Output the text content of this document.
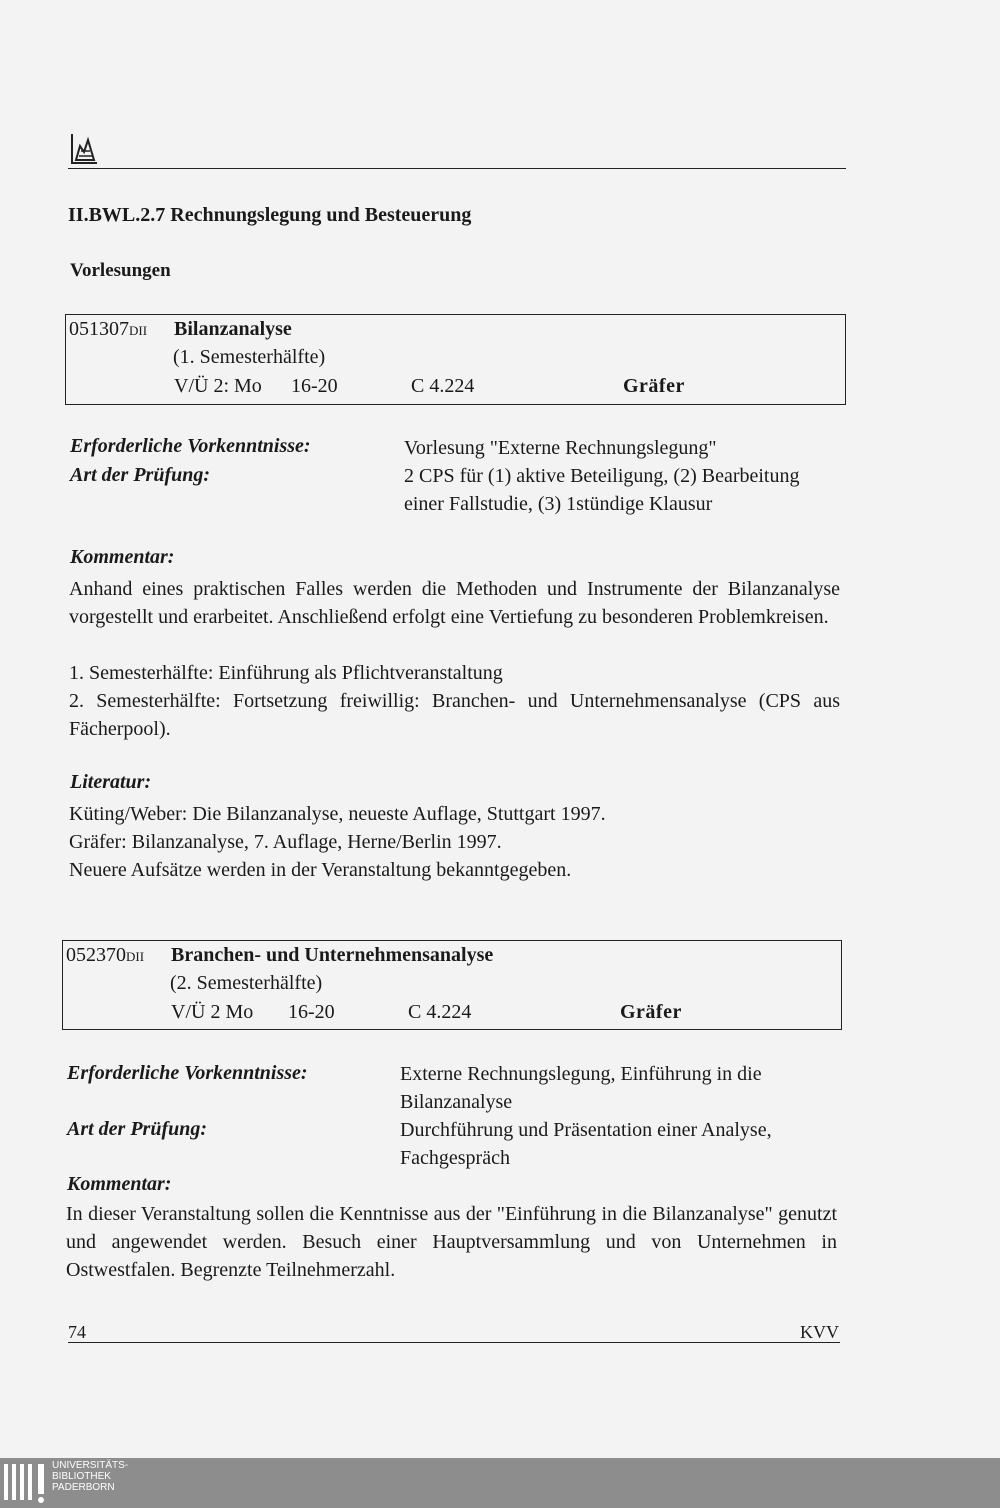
II.BWL.2.7 Rechnungslegung und Besteuerung
Vorlesungen
051307DII Bilanzanalyse
(1. Semesterhälfte)
V/Ü 2: Mo 16-20	C 4.224	Gräfer
Erforderliche Vorkenntnisse:	Vorlesung "Externe Rechnungslegung"
Art der Prüfung:	2 CPS für (1) aktive Beteiligung, (2) Bearbeitung
einer Fallstudie, (3) 1stündige Klausur
Kommentar:
Anhand eines praktischen Falles werden die Methoden und Instrumente der Bilanzanalyse vorgestellt und erarbeitet. Anschließend erfolgt eine Vertiefung zu besonderen Problemkreisen.
1. Semesterhälfte: Einführung als Pflichtveranstaltung
2. Semesterhälfte: Fortsetzung freiwillig: Branchen- und Unternehmensanalyse (CPS aus Fächerpool).
Literatur:
Küting/Weber: Die Bilanzanalyse, neueste Auflage, Stuttgart 1997.
Gräfer: Bilanzanalyse, 7. Auflage, Herne/Berlin 1997.
Neuere Aufsätze werden in der Veranstaltung bekanntgegeben.
052370DII Branchen- und Unternehmensanalyse
(2. Semesterhälfte)
V/Ü 2 Mo 16-20	C 4.224	Gräfer
Erforderliche Vorkenntnisse:	Externe Rechnungslegung, Einführung in die
Bilanzanalyse
Art der Prüfung:	Durchführung und Präsentation einer Analyse,
Fachgespräch
Kommentar:
In dieser Veranstaltung sollen die Kenntnisse aus der "Einführung in die Bilanzanalyse" genutzt und angewendet werden. Besuch einer Hauptversammlung und von Unternehmen in Ostwestfalen. Begrenzte Teilnehmerzahl.
74	KVV
UNIVERSITÄTS-
BIBLIOTHEK
PADERBORN
